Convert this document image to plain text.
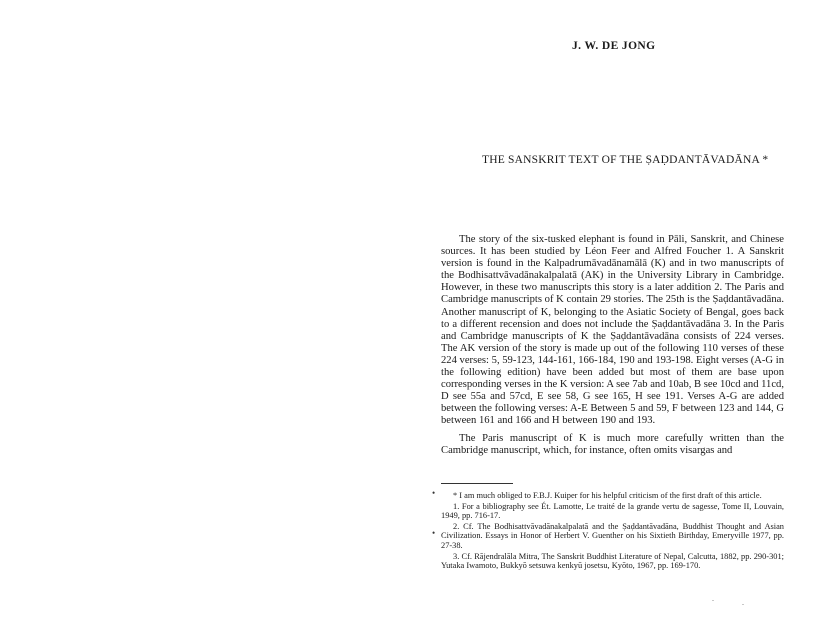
J. W. DE JONG
THE SANSKRIT TEXT OF THE ṢAḌDANTĀVADĀNA *

The story of the six-tusked elephant is found in Pāli, Sanskrit, and Chinese sources. It has been studied by Léon Feer and Alfred Foucher 1. A Sanskrit version is found in the Kalpadrumāvadānamālā (K) and in two manuscripts of the Bodhisattvāvadānakalpalatā (AK) in the University Library in Cambridge. However, in these two manuscripts this story is a later addition 2. The Paris and Cambridge manuscripts of K contain 29 stories. The 25th is the Ṣaḍdantāvadāna. Another manuscript of K, belonging to the Asiatic Society of Bengal, goes back to a different recension and does not include the Ṣaḍdantāvadāna 3. In the Paris and Cambridge manuscripts of K the Ṣaḍdantāvadāna consists of 224 verses. The AK version of the story is made up out of the following 110 verses of these 224 verses: 5, 59-123, 144-161, 166-184, 190 and 193-198. Eight verses (A-G in the following edition) have been added but most of them are base upon corresponding verses in the K version: A see 7ab and 10ab, B see 10cd and 11cd, D see 55a and 57cd, E see 58, G see 165, H see 191. Verses A-G are added between the following verses: A-E Between 5 and 59, F between 123 and 144, G between 161 and 166 and H between 190 and 193.

The Paris manuscript of K is much more carefully written than the Cambridge manuscript, which, for instance, often omits visargas and

* I am much obliged to F.B.J. Kuiper for his helpful criticism of the first draft of this article.

1. For a bibliography see Ét. Lamotte, Le traité de la grande vertu de sagesse, Tome II, Louvain, 1949, pp. 716-17.

2. Cf. The Bodhisattvāvadānakalpalatā and the Ṣaḍdantāvadāna, Buddhist Thought and Asian Civilization. Essays in Honor of Herbert V. Guenther on his Sixtieth Birthday, Emeryville 1977, pp. 27-38.

3. Cf. Rājendralāla Mitra, The Sanskrit Buddhist Literature of Nepal, Calcutta, 1882, pp. 290-301; Yutaka Iwamoto, Bukkyō setsuwa kenkyū josetsu, Kyōto, 1967, pp. 169-170.

•
•
